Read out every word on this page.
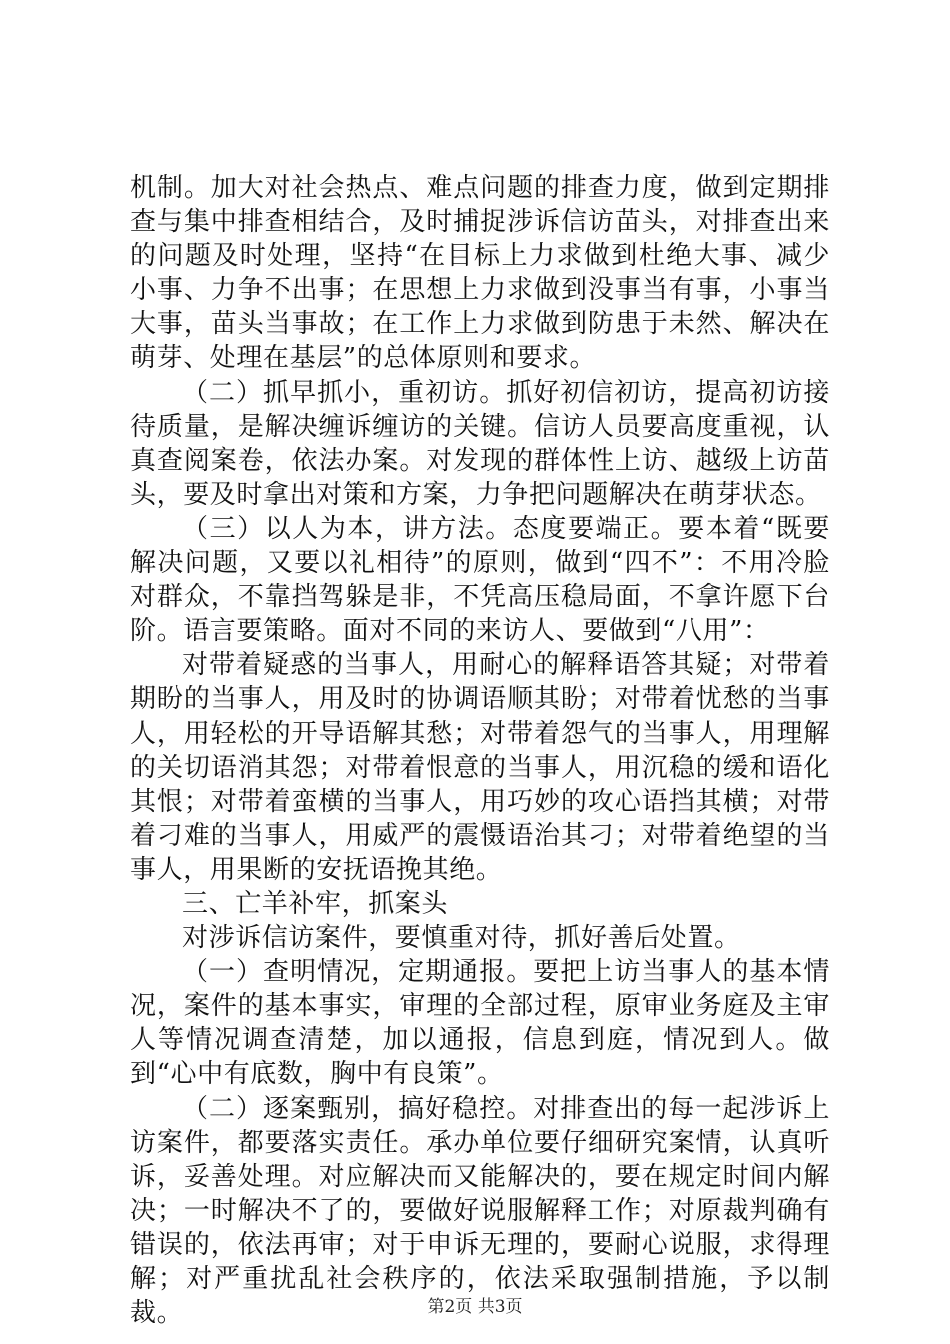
机制。加大对社会热点、难点问题的排查力度，做到定期排查与集中排查相结合，及时捕捉涉诉信访苗头，对排查出来的问题及时处理，坚持“在目标上力求做到杜绝大事、减少小事、力争不出事；在思想上力求做到没事当有事，小事当大事，苗头当事故；在工作上力求做到防患于未然、解决在萌芽、处理在基层”的总体原则和要求。

（二）抓早抓小，重初访。抓好初信初访，提高初访接待质量，是解决缠诉缠访的关键。信访人员要高度重视，认真查阅案卷，依法办案。对发现的群体性上访、越级上访苗头，要及时拿出对策和方案，力争把问题解决在萌芽状态。

（三）以人为本，讲方法。态度要端正。要本着“既要解决问题，又要以礼相待”的原则，做到“四不”：不用冷脸对群众，不靠挡驾躲是非，不凭高压稳局面，不拿许愿下台阶。语言要策略。面对不同的来访人、要做到“八用”：

对带着疑惑的当事人，用耐心的解释语答其疑；对带着期盼的当事人，用及时的协调语顺其盼；对带着忧愁的当事人，用轻松的开导语解其愁；对带着怨气的当事人，用理解的关切语消其怨；对带着恨意的当事人，用沉稳的缓和语化其恨；对带着蛮横的当事人，用巧妙的攻心语挡其横；对带着刁难的当事人，用威严的震慑语治其刁；对带着绝望的当事人，用果断的安抚语挽其绝。

三、亡羊补牢，抓案头

对涉诉信访案件，要慎重对待，抓好善后处置。

（一）查明情况，定期通报。要把上访当事人的基本情况，案件的基本事实，审理的全部过程，原审业务庭及主审人等情况调查清楚，加以通报，信息到庭，情况到人。做到“心中有底数，胸中有良策”。

（二）逐案甄别，搞好稳控。对排查出的每一起涉诉上访案件，都要落实责任。承办单位要仔细研究案情，认真听诉，妥善处理。对应解决而又能解决的，要在规定时间内解决；一时解决不了的，要做好说服解释工作；对原裁判确有错误的，依法再审；对于申诉无理的，要耐心说服，求得理解；对严重扰乱社会秩序的，依法采取强制措施，予以制裁。	第2页 共3页
